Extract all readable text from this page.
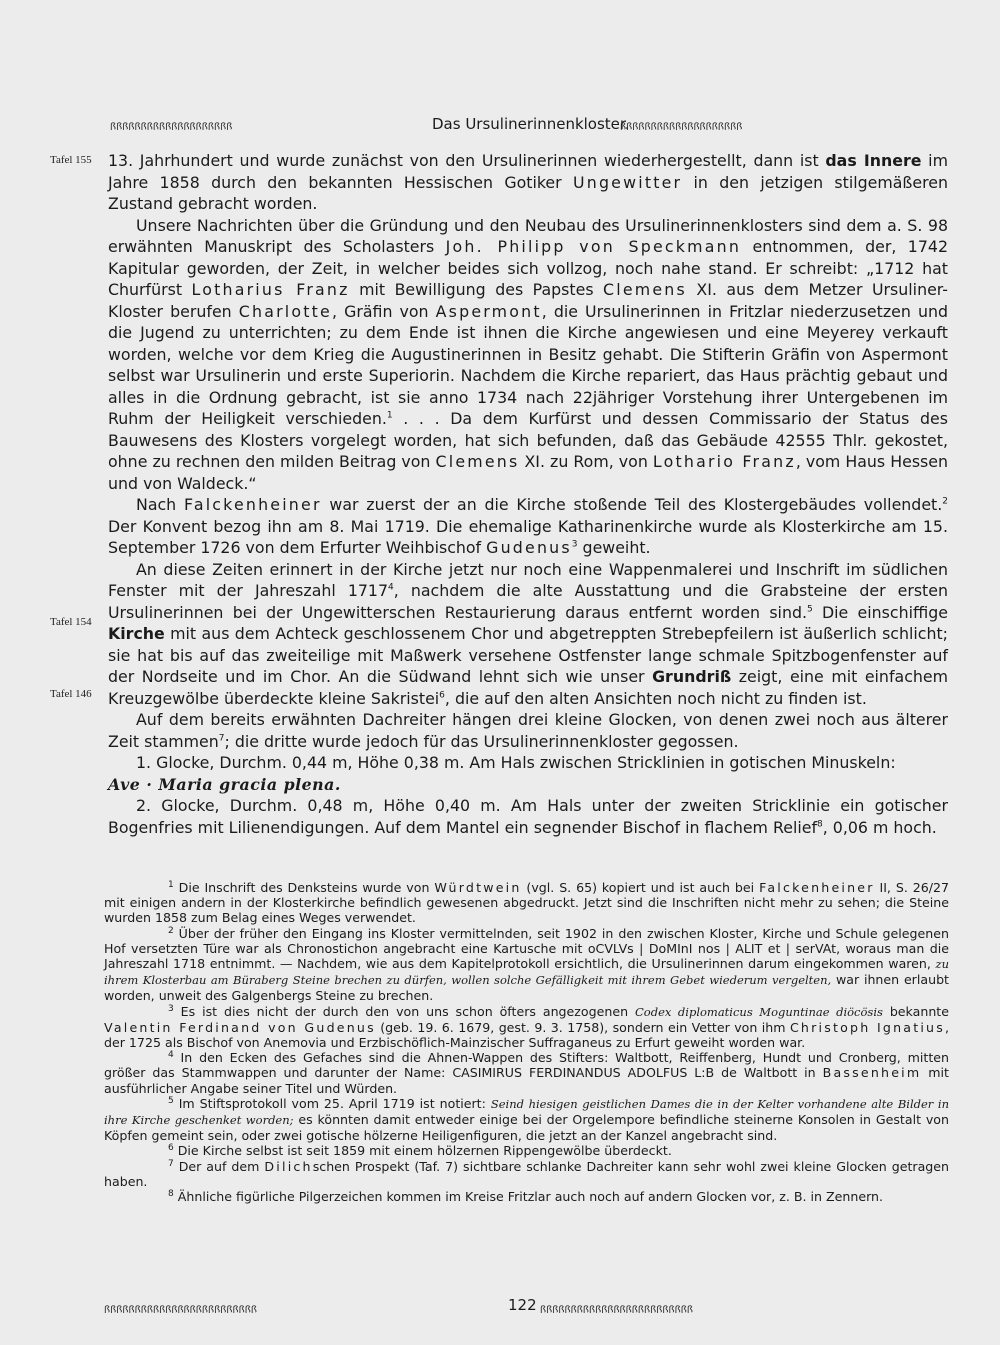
ꟗꟗꟗꟗꟗꟗꟗꟗꟗꟗꟗꟗꟗꟗꟗꟗꟗꟗꟗꟗ	Das Ursulinerinnenkloster.
ꟗꟗꟗꟗꟗꟗꟗꟗꟗꟗꟗꟗꟗꟗꟗꟗꟗꟗꟗꟗ
Tafel 155
Tafel 154
Tafel 146

13. Jahrhundert und wurde zunächst von den Ursulinerinnen wiederhergestellt, dann ist das Innere im Jahre 1858 durch den bekannten Hessischen Gotiker Ungewitter in den jetzigen stilgemäßeren Zustand gebracht worden.

Unsere Nachrichten über die Gründung und den Neubau des Ursulinerinnenklosters sind dem a. S. 98 erwähnten Manuskript des Scholasters Joh. Philipp von Speckmann entnommen, der, 1742 Kapitular geworden, der Zeit, in welcher beides sich vollzog, noch nahe stand. Er schreibt: „1712 hat Churfürst Lotharius Franz mit Bewilligung des Papstes Clemens XI. aus dem Metzer Ursuliner-Kloster berufen Charlotte, Gräfin von Aspermont, die Ursulinerinnen in Fritzlar niederzusetzen und die Jugend zu unterrichten; zu dem Ende ist ihnen die Kirche angewiesen und eine Meyerey verkauft worden, welche vor dem Krieg die Augustinerinnen in Besitz gehabt. Die Stifterin Gräfin von Aspermont selbst war Ursulinerin und erste Superiorin. Nachdem die Kirche repariert, das Haus prächtig gebaut und alles in die Ordnung gebracht, ist sie anno 1734 nach 22jähriger Vorstehung ihrer Untergebenen im Ruhm der Heiligkeit verschieden.$^1$ . . . Da dem Kurfürst und dessen Commissario der Status des Bauwesens des Klosters vorgelegt worden, hat sich befunden, daß das Gebäude 42555 Thlr. gekostet, ohne zu rechnen den milden Beitrag von Clemens XI. zu Rom, von Lothario Franz, vom Haus Hessen und von Waldeck.“

Nach Falckenheiner war zuerst der an die Kirche stoßende Teil des Klostergebäudes vollendet.$^2$ Der Konvent bezog ihn am 8. Mai 1719. Die ehemalige Katharinenkirche wurde als Klosterkirche am 15. September 1726 von dem Erfurter Weihbischof Gudenus$^3$ geweiht.

An diese Zeiten erinnert in der Kirche jetzt nur noch eine Wappenmalerei und Inschrift im südlichen Fenster mit der Jahreszahl 1717$^4$, nachdem die alte Ausstattung und die Grabsteine der ersten Ursulinerinnen bei der Ungewitterschen Restaurierung daraus entfernt worden sind.$^5$ Die einschiffige Kirche mit aus dem Achteck geschlossenem Chor und abgetreppten Strebepfeilern ist äußerlich schlicht; sie hat bis auf das zweiteilige mit Maßwerk versehene Ostfenster lange schmale Spitzbogenfenster auf der Nordseite und im Chor. An die Südwand lehnt sich wie unser Grundriß zeigt, eine mit einfachem Kreuzgewölbe überdeckte kleine Sakristei$^6$, die auf den alten Ansichten noch nicht zu finden ist.

Auf dem bereits erwähnten Dachreiter hängen drei kleine Glocken, von denen zwei noch aus älterer Zeit stammen$^7$; die dritte wurde jedoch für das Ursulinerinnenkloster gegossen.

1. Glocke, Durchm. 0,44 m, Höhe 0,38 m. Am Hals zwischen Stricklinien in gotischen Minuskeln:

Ave · Maria gracia plena.

2. Glocke, Durchm. 0,48 m, Höhe 0,40 m. Am Hals unter der zweiten Stricklinie ein gotischer Bogenfries mit Lilienendigungen. Auf dem Mantel ein segnender Bischof in flachem Relief$^8$, 0,06 m hoch.

$^1$ Die Inschrift des Denksteins wurde von Würdtwein (vgl. S. 65) kopiert und ist auch bei Falckenheiner II, S. 26/27 mit einigen andern in der Klosterkirche befindlich gewesenen abgedruckt. Jetzt sind die Inschriften nicht mehr zu sehen; die Steine wurden 1858 zum Belag eines Weges verwendet.

$^2$ Über der früher den Eingang ins Kloster vermittelnden, seit 1902 in den zwischen Kloster, Kirche und Schule gelegenen Hof versetzten Türe war als Chronostichon angebracht eine Kartusche mit oCVLVs | DoMInI nos | ALIT et | serVAt, woraus man die Jahreszahl 1718 entnimmt. — Nachdem, wie aus dem Kapitelprotokoll ersichtlich, die Ursulinerinnen darum eingekommen waren, zu ihrem Klosterbau am Büraberg Steine brechen zu dürfen, wollen solche Gefälligkeit mit ihrem Gebet wiederum vergelten, war ihnen erlaubt worden, unweit des Galgenbergs Steine zu brechen.

$^3$ Es ist dies nicht der durch den von uns schon öfters angezogenen Codex diplomaticus Moguntinae diöcösis bekannte Valentin Ferdinand von Gudenus (geb. 19. 6. 1679, gest. 9. 3. 1758), sondern ein Vetter von ihm Christoph Ignatius, der 1725 als Bischof von Anemovia und Erzbischöflich-Mainzischer Suffraganeus zu Erfurt geweiht worden war.

$^4$ In den Ecken des Gefaches sind die Ahnen-Wappen des Stifters: Waltbott, Reiffenberg, Hundt und Cronberg, mitten größer das Stammwappen und darunter der Name: CASIMIRUS FERDINANDUS ADOLFUS L:B de Waltbott in Bassenheim mit ausführlicher Angabe seiner Titel und Würden.

$^5$ Im Stiftsprotokoll vom 25. April 1719 ist notiert: Seind hiesigen geistlichen Dames die in der Kelter vorhandene alte Bilder in ihre Kirche geschenket worden; es könnten damit entweder einige bei der Orgelempore befindliche steinerne Konsolen in Gestalt von Köpfen gemeint sein, oder zwei gotische hölzerne Heiligenfiguren, die jetzt an der Kanzel angebracht sind.

$^6$ Die Kirche selbst ist seit 1859 mit einem hölzernen Rippengewölbe überdeckt.

$^7$ Der auf dem Dilichschen Prospekt (Taf. 7) sichtbare schlanke Dachreiter kann sehr wohl zwei kleine Glocken getragen haben.

$^8$ Ähnliche figürliche Pilgerzeichen kommen im Kreise Fritzlar auch noch auf andern Glocken vor, z. B. in Zennern.

ꟗꟗꟗꟗꟗꟗꟗꟗꟗꟗꟗꟗꟗꟗꟗꟗꟗꟗꟗꟗꟗꟗꟗꟗꟗ	122 ꟗꟗꟗꟗꟗꟗꟗꟗꟗꟗꟗꟗꟗꟗꟗꟗꟗꟗꟗꟗꟗꟗꟗꟗꟗ
